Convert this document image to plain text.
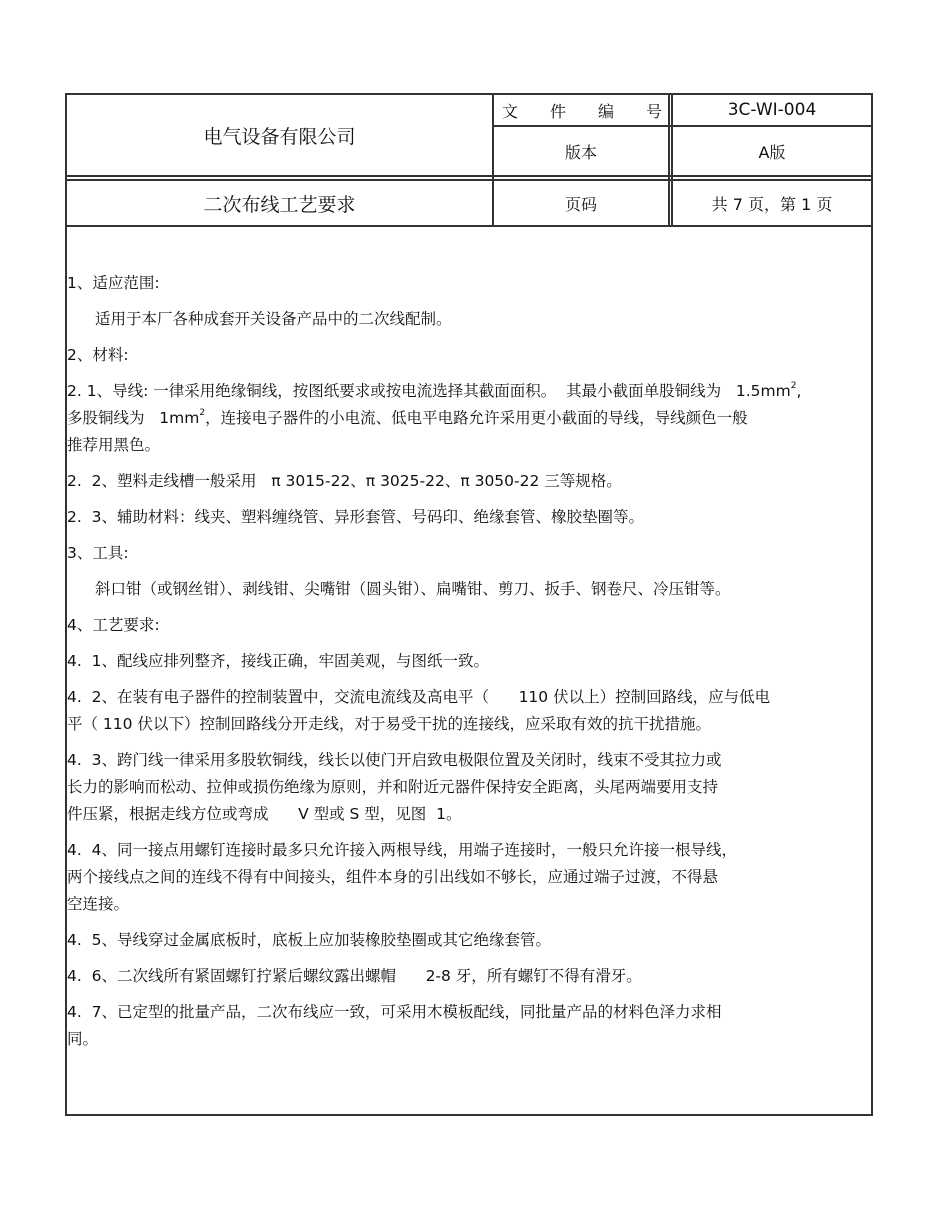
电气设备有限公司
文 件 编 号	3C-WI-004
版本	A版
二次布线工艺要求	页码	共 7 页，第 1 页

1、适应范围:

适用于本厂各种成套开关设备产品中的二次线配制。

2、材料:

2. 1、导线: 一律采用绝缘铜线，按图纸要求或按电流选择其截面面积。  其最小截面单股铜线为   $1.5mm^2$,

多股铜线为   $1mm^2$，连接电子器件的小电流、低电平电路允许采用更小截面的导线，导线颜色一般

推荐用黑色。

2.  2、塑料走线槽一般采用   π 3015-22、π 3025-22、π 3050-22 三等规格。

2.  3、辅助材料：线夹、塑料缠绕管、异形套管、号码印、绝缘套管、橡胶垫圈等。

3、工具:

斜口钳（或钢丝钳）、剥线钳、尖嘴钳（圆头钳）、扁嘴钳、剪刀、扳手、钢卷尺、冷压钳等。

4、工艺要求:

4.  1、配线应排列整齐，接线正确，牢固美观，与图纸一致。

4.  2、在装有电子器件的控制装置中，交流电流线及高电平（      110 伏以上）控制回路线，应与低电

平（ 110 伏以下）控制回路线分开走线，对于易受干扰的连接线，应采取有效的抗干扰措施。

4.  3、跨门线一律采用多股软铜线，线长以使门开启致电极限位置及关闭时，线束不受其拉力或

长力的影响而松动、拉伸或损伤绝缘为原则，并和附近元器件保持安全距离，头尾两端要用支持

件压紧，根据走线方位或弯成      V 型或 S 型，见图  1。

4.  4、同一接点用螺钉连接时最多只允许接入两根导线，用端子连接时，一般只允许接一根导线，

两个接线点之间的连线不得有中间接头，组件本身的引出线如不够长，应通过端子过渡，不得悬

空连接。

4.  5、导线穿过金属底板时，底板上应加装橡胶垫圈或其它绝缘套管。

4.  6、二次线所有紧固螺钉拧紧后螺纹露出螺帽      2-8 牙，所有螺钉不得有滑牙。

4.  7、已定型的批量产品，二次布线应一致，可采用木模板配线，同批量产品的材料色泽力求相

同。
